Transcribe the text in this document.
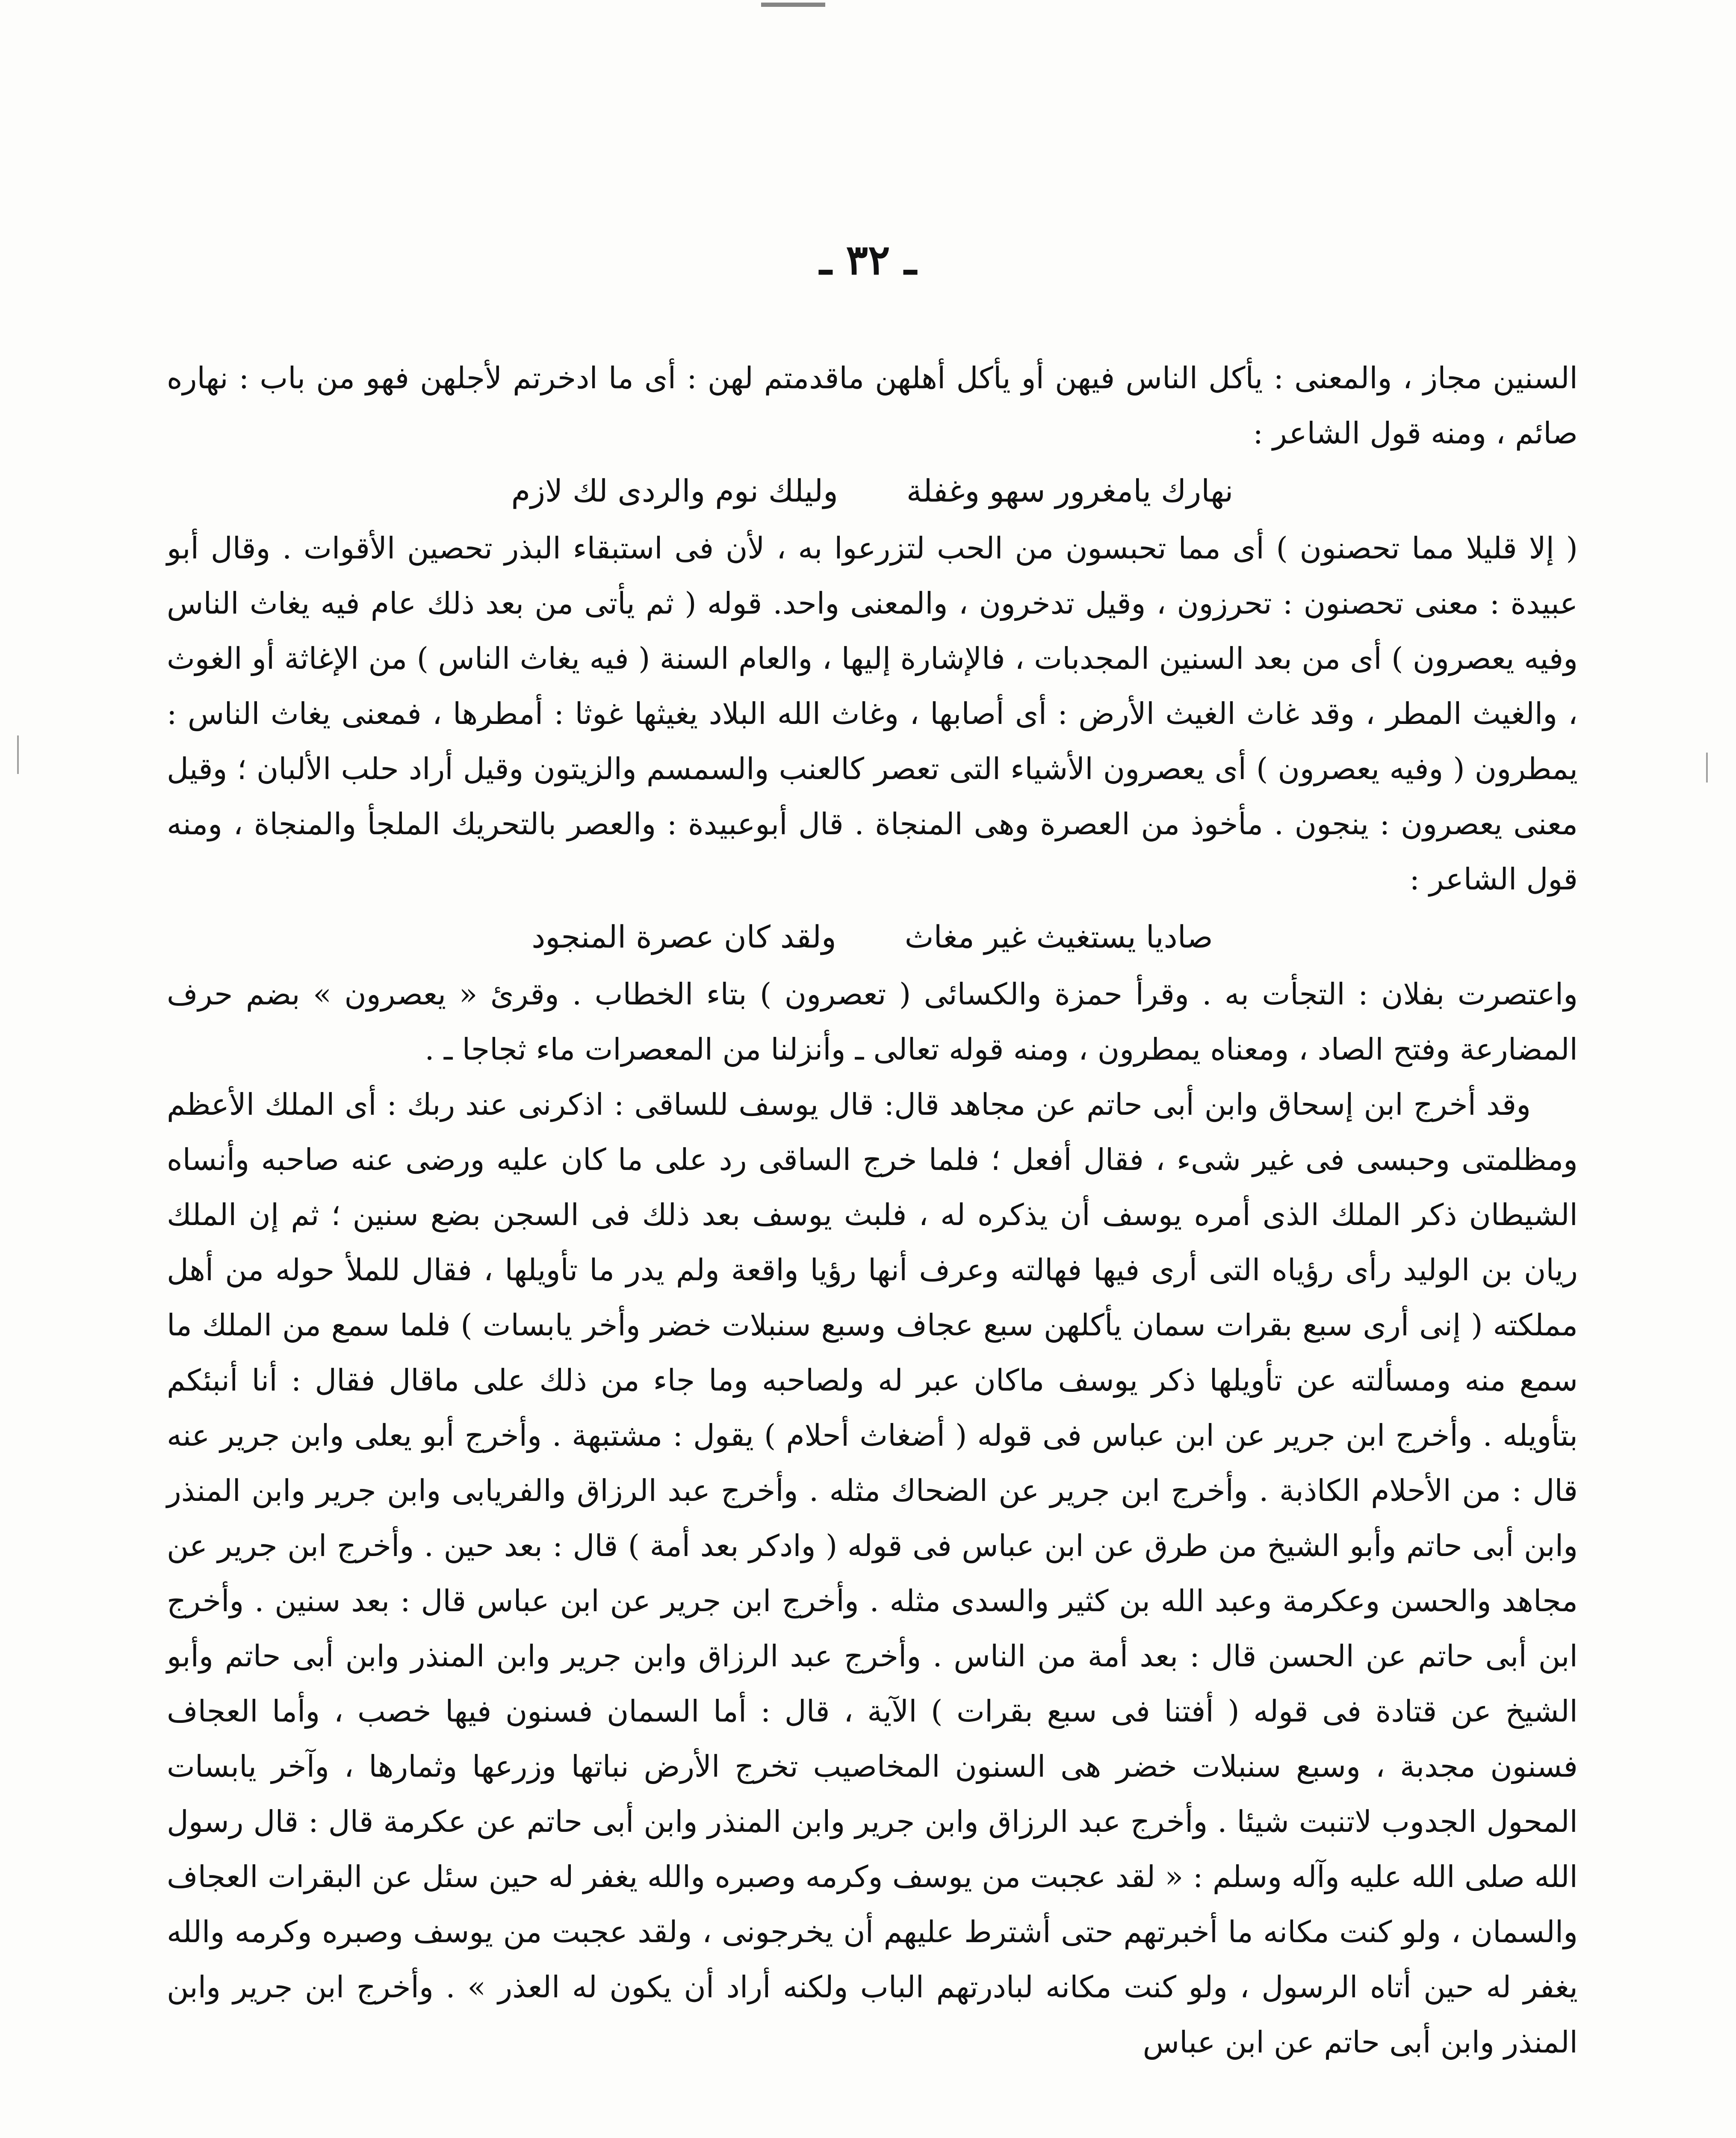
ـ ٣٢ ـ

السنين مجاز ، والمعنى : يأكل الناس فيهن أو يأكل أهلهن ماقدمتم لهن : أى ما ادخرتم لأجلهن فهو من باب : نهاره صائم ، ومنه قول الشاعر :

نهارك يامغرور سهو وغفلة
وليلك نوم والردى لك لازم

( إلا قليلا مما تحصنون ) أى مما تحبسون من الحب لتزرعوا به ، لأن فى استبقاء البذر تحصين الأقوات . وقال أبو عبيدة : معنى تحصنون : تحرزون ، وقيل تدخرون ، والمعنى واحد. قوله ( ثم يأتى من بعد ذلك عام فيه يغاث الناس وفيه يعصرون ) أى من بعد السنين المجدبات ، فالإشارة إليها ، والعام السنة ( فيه يغاث الناس ) من الإغاثة أو الغوث ، والغيث المطر ، وقد غاث الغيث الأرض : أى أصابها ، وغاث الله البلاد يغيثها غوثا : أمطرها ، فمعنى يغاث الناس : يمطرون ( وفيه يعصرون ) أى يعصرون الأشياء التى تعصر كالعنب والسمسم والزيتون وقيل أراد حلب الألبان ؛ وقيل معنى يعصرون : ينجون . مأخوذ من العصرة وهى المنجاة . قال أبوعبيدة : والعصر بالتحريك الملجأ والمنجاة ، ومنه قول الشاعر :

صاديا يستغيث غير مغاث
ولقد كان عصرة المنجود

واعتصرت بفلان : التجأت به . وقرأ حمزة والكسائى ( تعصرون ) بتاء الخطاب . وقرئ « يعصرون » بضم حرف المضارعة وفتح الصاد ، ومعناه يمطرون ، ومنه قوله تعالى ـ وأنزلنا من المعصرات ماء ثجاجا ـ .

وقد أخرج ابن إسحاق وابن أبى حاتم عن مجاهد قال: قال يوسف للساقى : اذكرنى عند ربك : أى الملك الأعظم ومظلمتى وحبسى فى غير شىء ، فقال أفعل ؛ فلما خرج الساقى رد على ما كان عليه ورضى عنه صاحبه وأنساه الشيطان ذكر الملك الذى أمره يوسف أن يذكره له ، فلبث يوسف بعد ذلك فى السجن بضع سنين ؛ ثم إن الملك ريان بن الوليد رأى رؤياه التى أرى فيها فهالته وعرف أنها رؤيا واقعة ولم يدر ما تأويلها ، فقال للملأ حوله من أهل مملكته ( إنى أرى سبع بقرات سمان يأكلهن سبع عجاف وسبع سنبلات خضر وأخر يابسات ) فلما سمع من الملك ما سمع منه ومسألته عن تأويلها ذكر يوسف ماكان عبر له ولصاحبه وما جاء من ذلك على ماقال فقال : أنا أنبئكم بتأويله . وأخرج ابن جرير عن ابن عباس فى قوله ( أضغاث أحلام ) يقول : مشتبهة . وأخرج أبو يعلى وابن جرير عنه قال : من الأحلام الكاذبة . وأخرج ابن جرير عن الضحاك مثله . وأخرج عبد الرزاق والفريابى وابن جرير وابن المنذر وابن أبى حاتم وأبو الشيخ من طرق عن ابن عباس فى قوله ( وادكر بعد أمة ) قال : بعد حين . وأخرج ابن جرير عن مجاهد والحسن وعكرمة وعبد الله بن كثير والسدى مثله . وأخرج ابن جرير عن ابن عباس قال : بعد سنين . وأخرج ابن أبى حاتم عن الحسن قال : بعد أمة من الناس . وأخرج عبد الرزاق وابن جرير وابن المنذر وابن أبى حاتم وأبو الشيخ عن قتادة فى قوله ( أفتنا فى سبع بقرات ) الآية ، قال : أما السمان فسنون فيها خصب ، وأما العجاف فسنون مجدبة ، وسبع سنبلات خضر هى السنون المخاصيب تخرج الأرض نباتها وزرعها وثمارها ، وآخر يابسات المحول الجدوب لاتنبت شيئا . وأخرج عبد الرزاق وابن جرير وابن المنذر وابن أبى حاتم عن عكرمة قال : قال رسول الله صلى الله عليه وآله وسلم : « لقد عجبت من يوسف وكرمه وصبره والله يغفر له حين سئل عن البقرات العجاف والسمان ، ولو كنت مكانه ما أخبرتهم حتى أشترط عليهم أن يخرجونى ، ولقد عجبت من يوسف وصبره وكرمه والله يغفر له حين أتاه الرسول ، ولو كنت مكانه لبادرتهم الباب ولكنه أراد أن يكون له العذر » . وأخرج ابن جرير وابن المنذر وابن أبى حاتم عن ابن عباس
